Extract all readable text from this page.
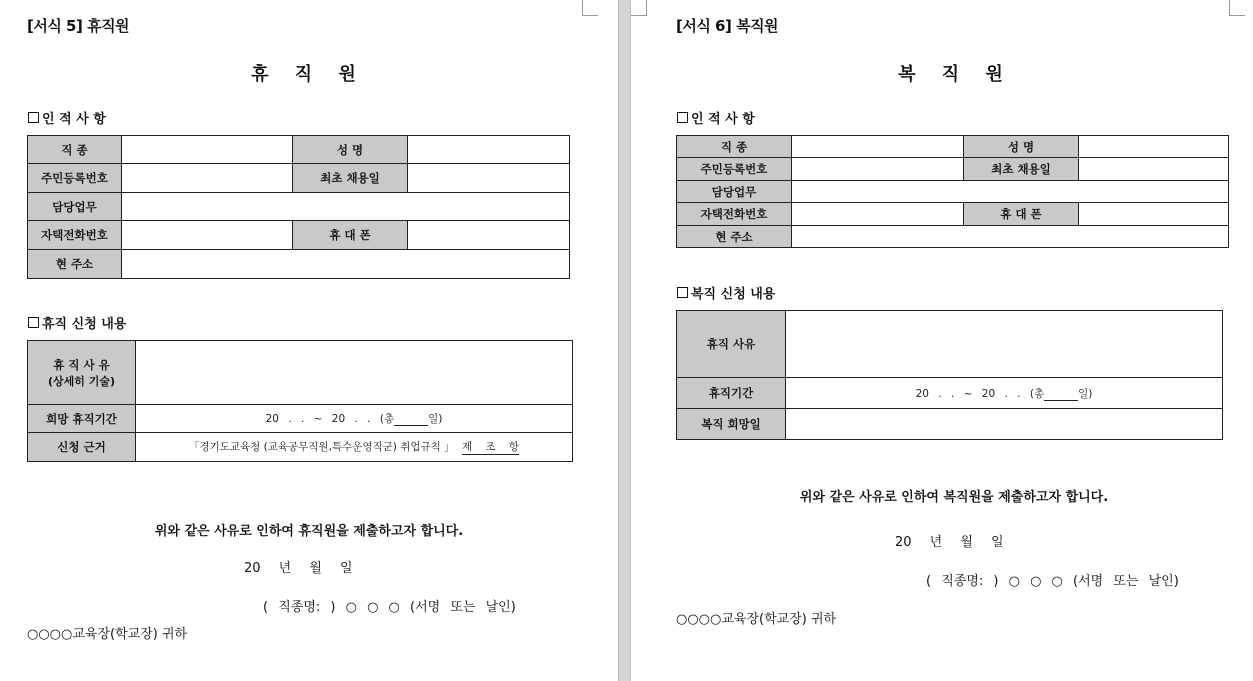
[서식 5] 휴직원
휴 직 원
인 적 사 항
직 종		성 명	
주민등록번호		최초 채용일	
담당업무			
자택전화번호		휴 대 폰	
현 주소			
휴직 신청 내용
휴 직 사 유
(상세히 기술)	

희망 휴직기간	20 . . ~ 20 . . (총 일)
신청 근거	「경기도교육청 (교육공무직원,특수운영직군) 취업규칙 」 제 조 항
위와 같은 사유로 인하여 휴직원을 제출하고자 합니다.
20 년 월 일
( 직종명: ) ○ ○ ○ (서명 또는 날인)
○○○○교육장(학교장) 귀하
[서식 6] 복직원
복 직 원
인 적 사 항
직 종		성 명	
주민등록번호		최초 채용일	
담당업무			
자택전화번호		휴 대 폰	
현 주소			
복직 신청 내용
휴직 사유	
휴직기간	20 . . ~ 20 . . (총 일)
복직 희망일	
위와 같은 사유로 인하여 복직원을 제출하고자 합니다.
20 년 월 일
( 직종명: ) ○ ○ ○ (서명 또는 날인)
○○○○교육장(학교장) 귀하
